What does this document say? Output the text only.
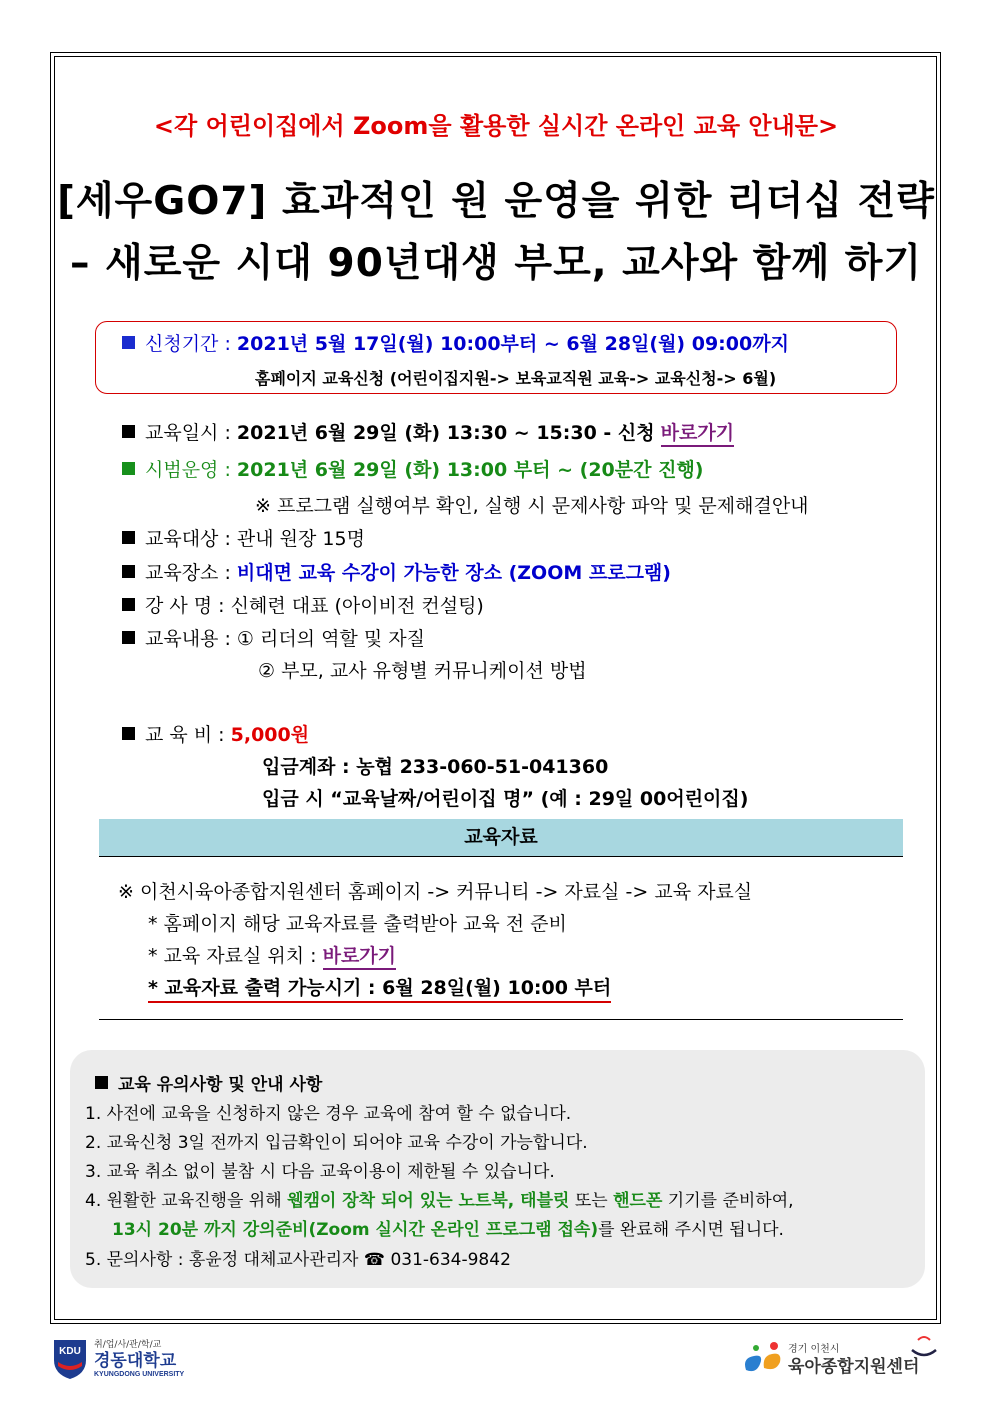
<각 어린이집에서 Zoom을 활용한 실시간 온라인 교육 안내문>
[세우GO7] 효과적인 원 운영을 위한 리더십 전략
– 새로운 시대 90년대생 부모, 교사와 함께 하기
신청기간 : 2021년 5월 17일(월) 10:00부터 ~ 6월 28일(월) 09:00까지
홈페이지 교육신청 (어린이집지원-> 보육교직원 교육-> 교육신청-> 6월)
교육일시 : 2021년 6월 29일 (화) 13:30 ~ 15:30 - 신청 바로가기
시범운영 : 2021년 6월 29일 (화) 13:00 부터 ~ (20분간 진행)
※ 프로그램 실행여부 확인, 실행 시 문제사항 파악 및 문제해결안내
교육대상 : 관내 원장 15명
교육장소 : 비대면 교육 수강이 가능한 장소 (ZOOM 프로그램)
강 사 명 : 신혜련 대표 (아이비전 컨설팅)
교육내용 : ① 리더의 역할 및 자질
② 부모, 교사 유형별 커뮤니케이션 방법
교 육 비 : 5,000원
입금계좌 : 농협 233-060-51-041360
입금 시 “교육날짜/어린이집 명” (예 : 29일 00어린이집)
교육자료
※ 이천시육아종합지원센터 홈페이지 -> 커뮤니티 -> 자료실 -> 교육 자료실
* 홈페이지 해당 교육자료를 출력받아 교육 전 준비
* 교육 자료실 위치 : 바로가기
* 교육자료 출력 가능시기 : 6월 28일(월) 10:00 부터
교육 유의사항 및 안내 사항
1. 사전에 교육을 신청하지 않은 경우 교육에 참여 할 수 없습니다.
2. 교육신청 3일 전까지 입금확인이 되어야 교육 수강이 가능합니다.
3. 교육 취소 없이 불참 시 다음 교육이용이 제한될 수 있습니다.
4. 원활한 교육진행을 위해 웹캠이 장착 되어 있는 노트북, 태블릿 또는 핸드폰 기기를 준비하여,
13시 20분 까지 강의준비(Zoom 실시간 온라인 프로그램 접속)를 완료해 주시면 됩니다.
5. 문의사항 : 홍윤정 대체교사관리자 ☎ 031-634-9842
KDU
취/업/사/관/학/교
경동대학교
KYUNGDONG UNIVERSITY
경기 이천시
육아종합지원센터
